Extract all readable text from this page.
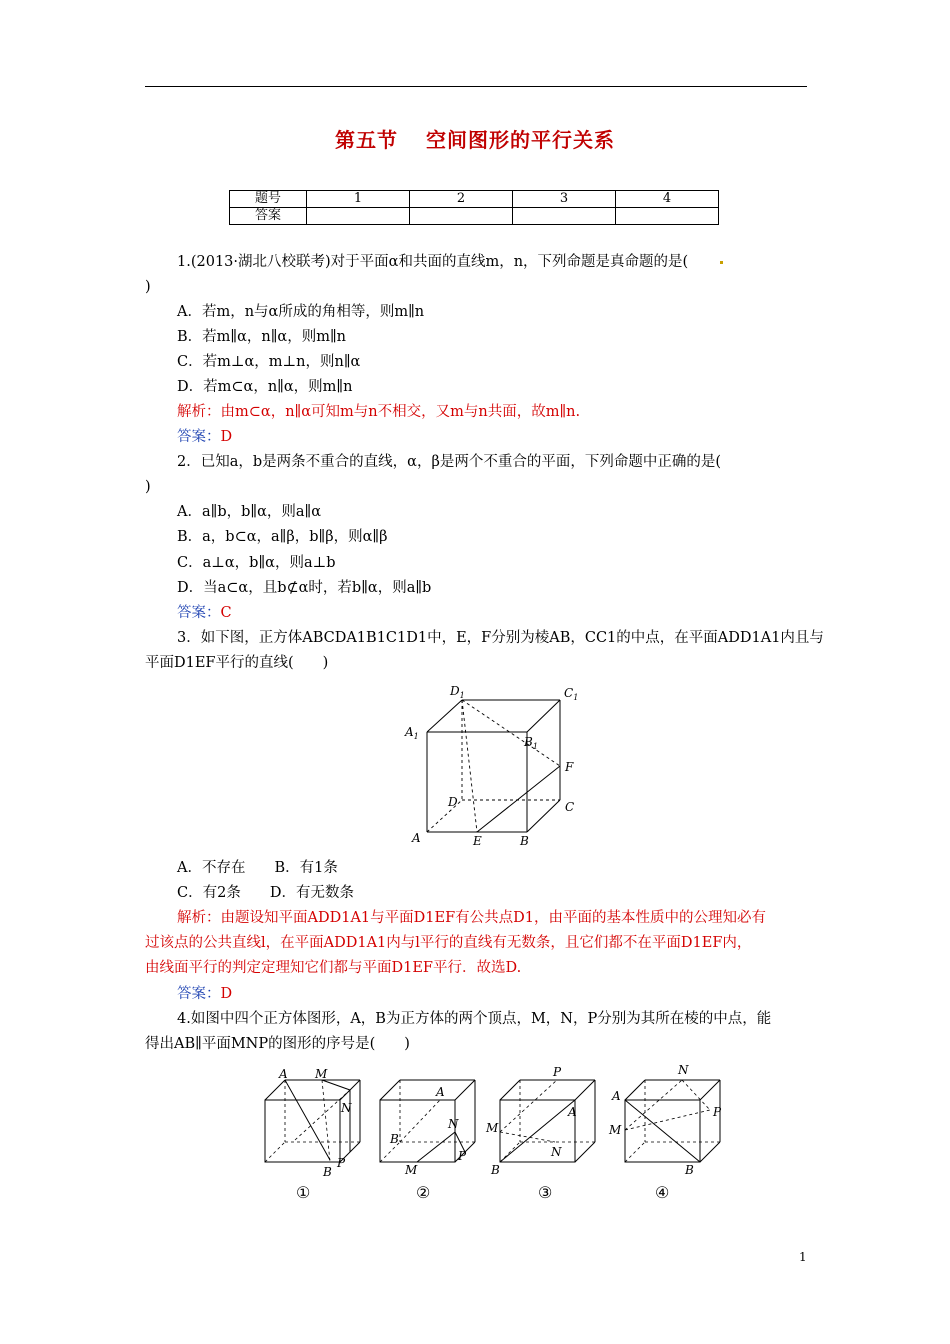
第五节 空间图形的平行关系
题号	1	2	3	4
答案				
1.(2013·湖北八校联考)对于平面α和共面的直线m，n，下列命题是真命题的是(
)
A．若m，n与α所成的角相等，则m∥n
B．若m∥α，n∥α，则m∥n
C．若m⊥α，m⊥n，则n∥α
D．若m⊂α，n∥α，则m∥n
解析：由m⊂α，n∥α可知m与n不相交，又m与n共面，故m∥n.
答案：D
2．已知a，b是两条不重合的直线，α，β是两个不重合的平面，下列命题中正确的是(
)
A．a∥b，b∥α，则a∥α
B．a，b⊂α，a∥β，b∥β，则α∥β
C．a⊥α，b∥α，则a⊥b
D．当a⊂α，且b⊄α时，若b∥α，则a∥b
答案：C
3．如下图，正方体ABCDA1B1C1D1中，E，F分别为棱AB，CC1的中点，在平面ADD1A1内且与
平面D1EF平行的直线(　　)
$D_1$	$C_1$
$A_1$	$B_1$
F
D	C
A	E	B
A．不存在　　B．有1条
C．有2条　　D．有无数条
解析：由题设知平面ADD1A1与平面D1EF有公共点D1，由平面的基本性质中的公理知必有
过该点的公共直线l，在平面ADD1A1内与l平行的直线有无数条，且它们都不在平面D1EF内，
由线面平行的判定定理知它们都与平面D1EF平行．故选D.
答案：D
4.如图中四个正方体图形，A，B为正方体的两个顶点，M，N，P分别为其所在棱的中点，能
得出AB∥平面MNP的图形的序号是(　　)
A M
N
P
B
A
N
B
M
P
P
A
M
N
B
N
A
P
M
B
①	②	③	④
1
